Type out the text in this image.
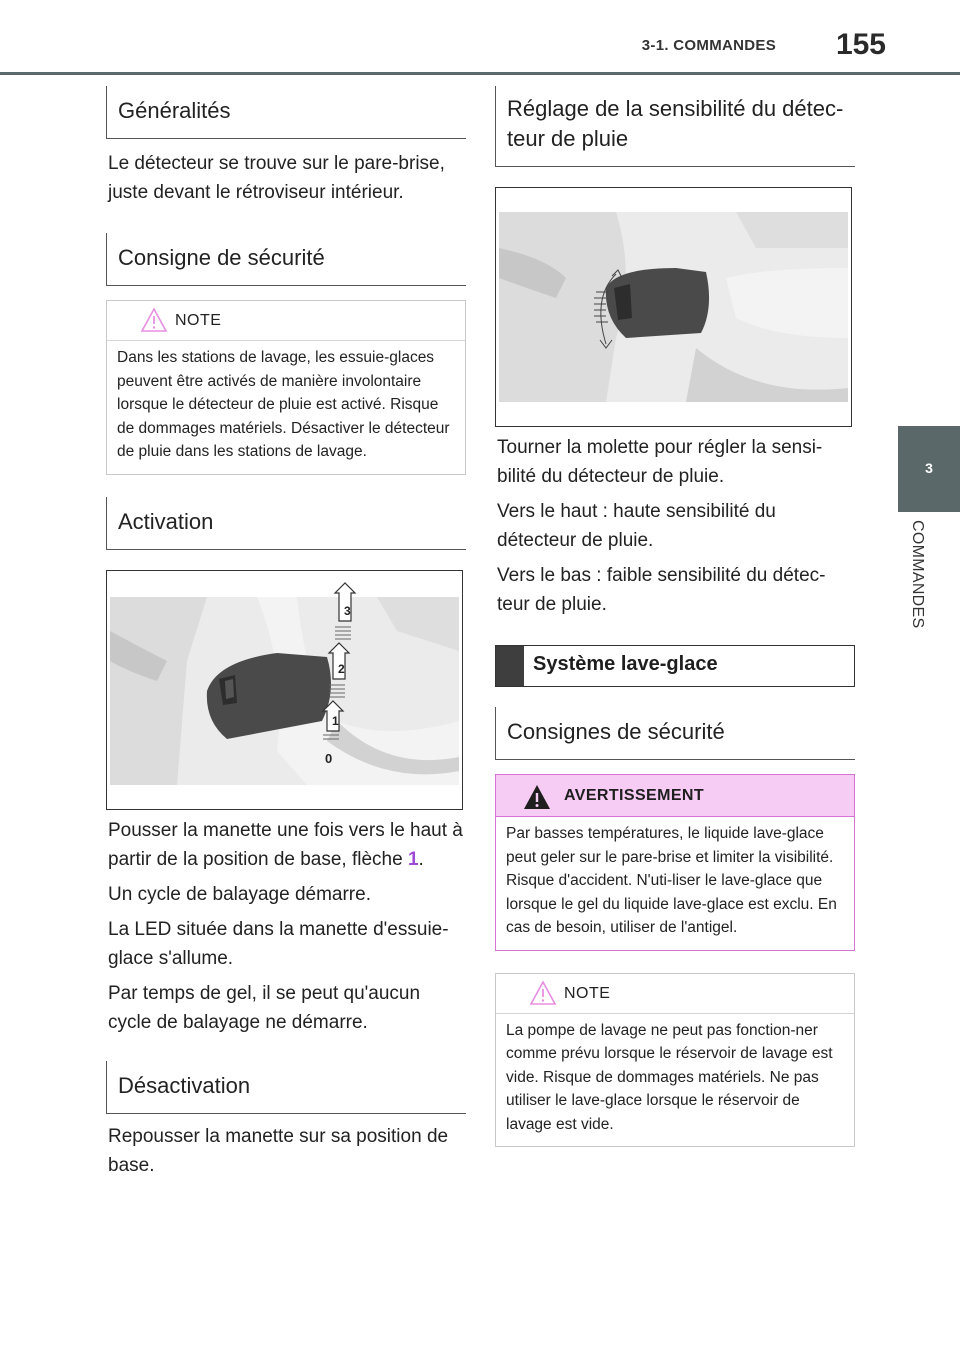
3-1. COMMANDES 155
3
COMMANDES
Généralités

Le détecteur se trouve sur le pare-brise, juste devant le rétroviseur intérieur.

Consigne de sécurité
NOTE
Dans les stations de lavage, les essuie-glaces peuvent être activés de manière involontaire lorsque le détecteur de pluie est activé. Risque de dommages matériels. Désactiver le détecteur de pluie dans les stations de lavage.
Activation
3
2
1
0

Pousser la manette une fois vers le haut à partir de la position de base, flèche 1.

Un cycle de balayage démarre.

La LED située dans la manette d'essuie-glace s'allume.

Par temps de gel, il se peut qu'aucun cycle de balayage ne démarre.

Désactivation

Repousser la manette sur sa position de base.

Réglage de la sensibilité du détec-teur de pluie

Tourner la molette pour régler la sensi-bilité du détecteur de pluie.

Vers le haut : haute sensibilité du détecteur de pluie.

Vers le bas : faible sensibilité du détec-teur de pluie.

Système lave-glace
Consignes de sécurité
AVERTISSEMENT
Par basses températures, le liquide lave-glace peut geler sur le pare-brise et limiter la visibilité. Risque d'accident. N'uti-liser le lave-glace que lorsque le gel du liquide lave-glace est exclu. En cas de besoin, utiliser de l'antigel.
NOTE
La pompe de lavage ne peut pas fonction-ner comme prévu lorsque le réservoir de lavage est vide. Risque de dommages matériels. Ne pas utiliser le lave-glace lorsque le réservoir de lavage est vide.
